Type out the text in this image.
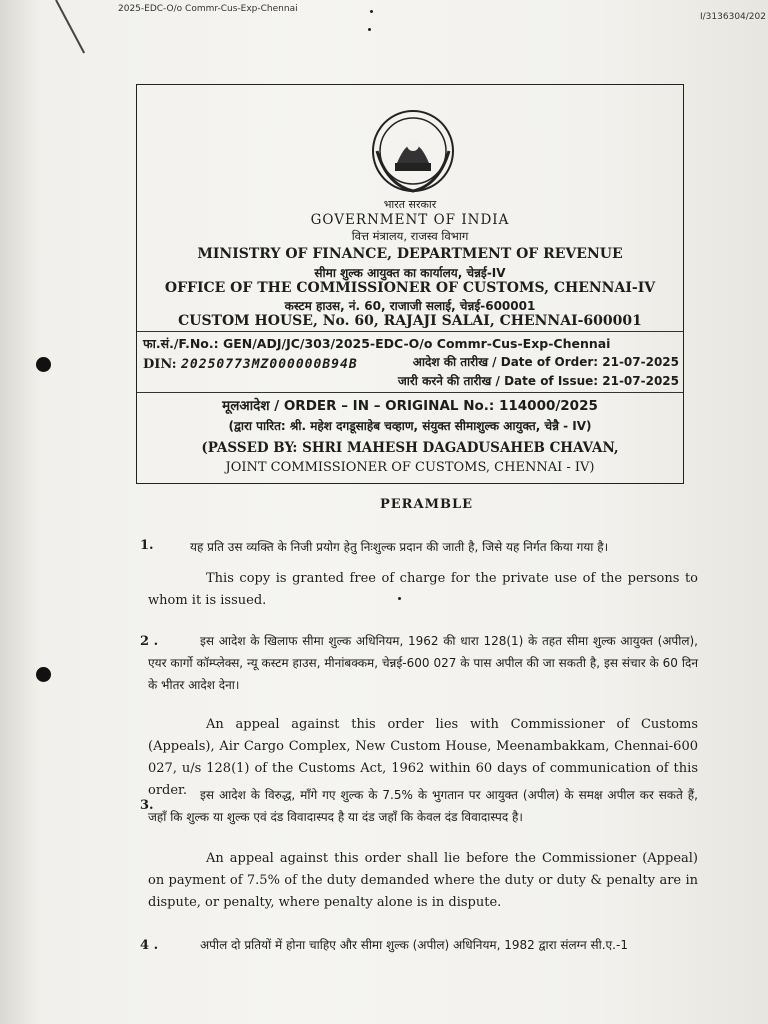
2025-EDC-O/o Commr-Cus-Exp-Chennai
I/3136304/202
भारत सरकार
GOVERNMENT OF INDIA
वित्त मंत्रालय, राजस्व विभाग
MINISTRY OF FINANCE, DEPARTMENT OF REVENUE
सीमा शुल्क आयुक्त का कार्यालय, चेन्नई-IV
OFFICE OF THE COMMISSIONER OF CUSTOMS, CHENNAI-IV
कस्टम हाउस, नं. 60, राजाजी सलाई, चेन्नई-600001
CUSTOM HOUSE, No. 60, RAJAJI SALAI, CHENNAI-600001
फा.सं./F.No.: GEN/ADJ/JC/303/2025-EDC-O/o Commr-Cus-Exp-Chennai
DIN: 20250773MZ000000B94B	आदेश की तारीख / Date of Order: 21-07-2025
जारी करने की तारीख / Date of Issue: 21-07-2025
मूलआदेश / ORDER – IN – ORIGINAL No.: 114000/2025
(द्वारा पारित: श्री. महेश दगडूसाहेब चव्हाण, संयुक्त सीमाशुल्क आयुक्त, चेन्नै - IV)
(PASSED BY: SHRI MAHESH DAGADUSAHEB CHAVAN,
JOINT COMMISSIONER OF CUSTOMS, CHENNAI - IV)
PERAMBLE
1.	यह प्रति उस व्यक्ति के निजी प्रयोग हेतु निःशुल्क प्रदान की जाती है, जिसे यह निर्गत किया गया है।
This copy is granted free of charge for the private use of the persons to whom it is issued.
2 .	इस आदेश के खिलाफ सीमा शुल्क अधिनियम, 1962 की धारा 128(1) के तहत सीमा शुल्क आयुक्त (अपील), एयर कार्गो कॉम्प्लेक्स, न्यू कस्टम हाउस, मीनांबक्कम, चेन्नई-600 027 के पास अपील की जा सकती है, इस संचार के 60 दिन के भीतर आदेश देना।
An appeal against this order lies with Commissioner of Customs (Appeals), Air Cargo Complex, New Custom House, Meenambakkam, Chennai-600 027, u/s 128(1) of the Customs Act, 1962 within 60 days of communication of this order.
3.
इस आदेश के विरुद्ध, माँगे गए शुल्क के 7.5% के भुगतान पर आयुक्त (अपील) के समक्ष अपील कर सकते हैं, जहाँ कि शुल्क या शुल्क एवं दंड विवादास्पद है या दंड जहाँ कि केवल दंड विवादास्पद है।
An appeal against this order shall lie before the Commissioner (Appeal) on payment of 7.5% of the duty demanded where the duty or duty & penalty are in dispute, or penalty, where penalty alone is in dispute.
4 .	अपील दो प्रतियों में होना चाहिए और सीमा शुल्क (अपील) अधिनियम, 1982 द्वारा संलग्न सी.ए.-1
